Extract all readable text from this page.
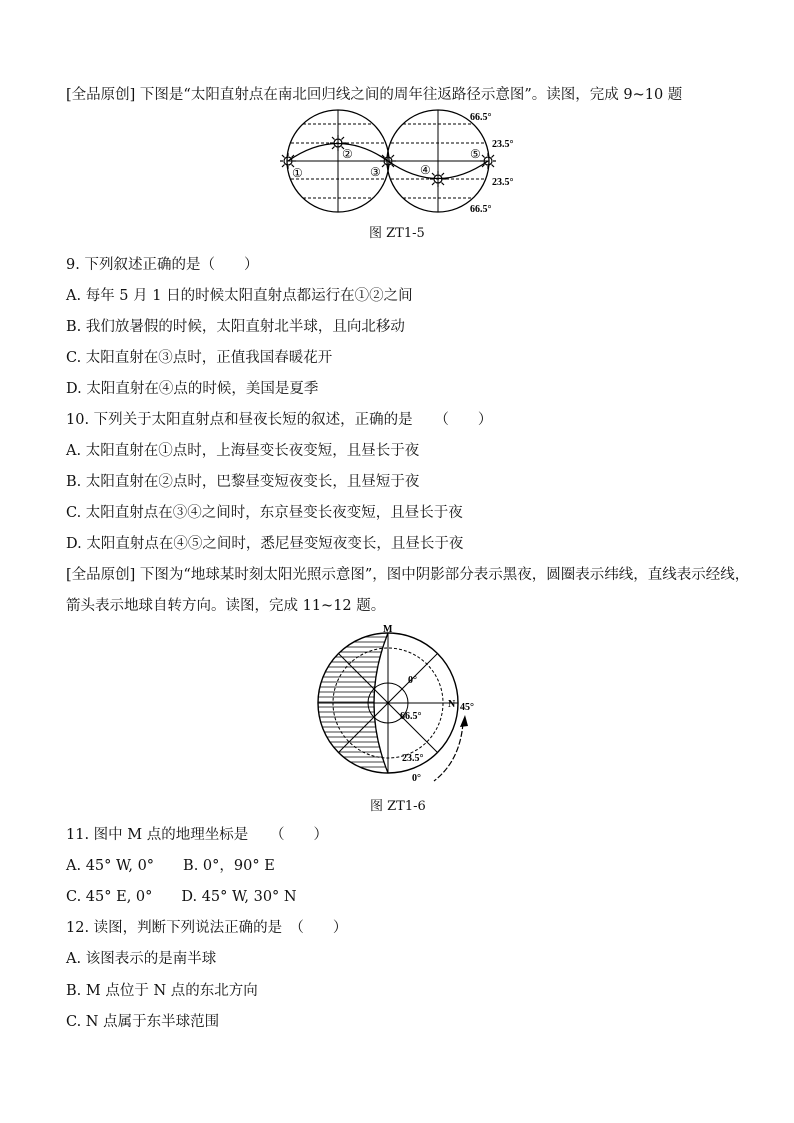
[全品原创] 下图是“太阳直射点在南北回归线之间的周年往返路径示意图”。读图，完成 9~10 题
①
②
③	④
⑤
66.5°
23.5°
23.5°
66.5°
图 ZT1-5
9. 下列叙述正确的是（　　）
A. 每年 5 月 1 日的时候太阳直射点都运行在①②之间
B. 我们放暑假的时候，太阳直射北半球，且向北移动
C. 太阳直射在③点时，正值我国春暖花开
D. 太阳直射在④点的时候，美国是夏季
10. 下列关于太阳直射点和昼夜长短的叙述，正确的是　　（　　）
A. 太阳直射在①点时，上海昼变长夜变短，且昼长于夜
B. 太阳直射在②点时，巴黎昼变短夜变长，且昼短于夜
C. 太阳直射点在③④之间时，东京昼变长夜变短，且昼长于夜
D. 太阳直射点在④⑤之间时，悉尼昼变短夜变长，且昼长于夜
[全品原创] 下图为“地球某时刻太阳光照示意图”，图中阴影部分表示黑夜，圆圈表示纬线，直线表示经线，
箭头表示地球自转方向。读图，完成 11~12 题。
M
N
0°
66.5°
45°
23.5°
0°
图 ZT1-6
11. 图中 M 点的地理坐标是　　（　　）
A. 45° W, 0°　　B. 0°，90° E
C. 45° E, 0°　　D. 45° W, 30° N
12. 读图，判断下列说法正确的是　（　　）
A. 该图表示的是南半球
B. M 点位于 N 点的东北方向
C. N 点属于东半球范围
